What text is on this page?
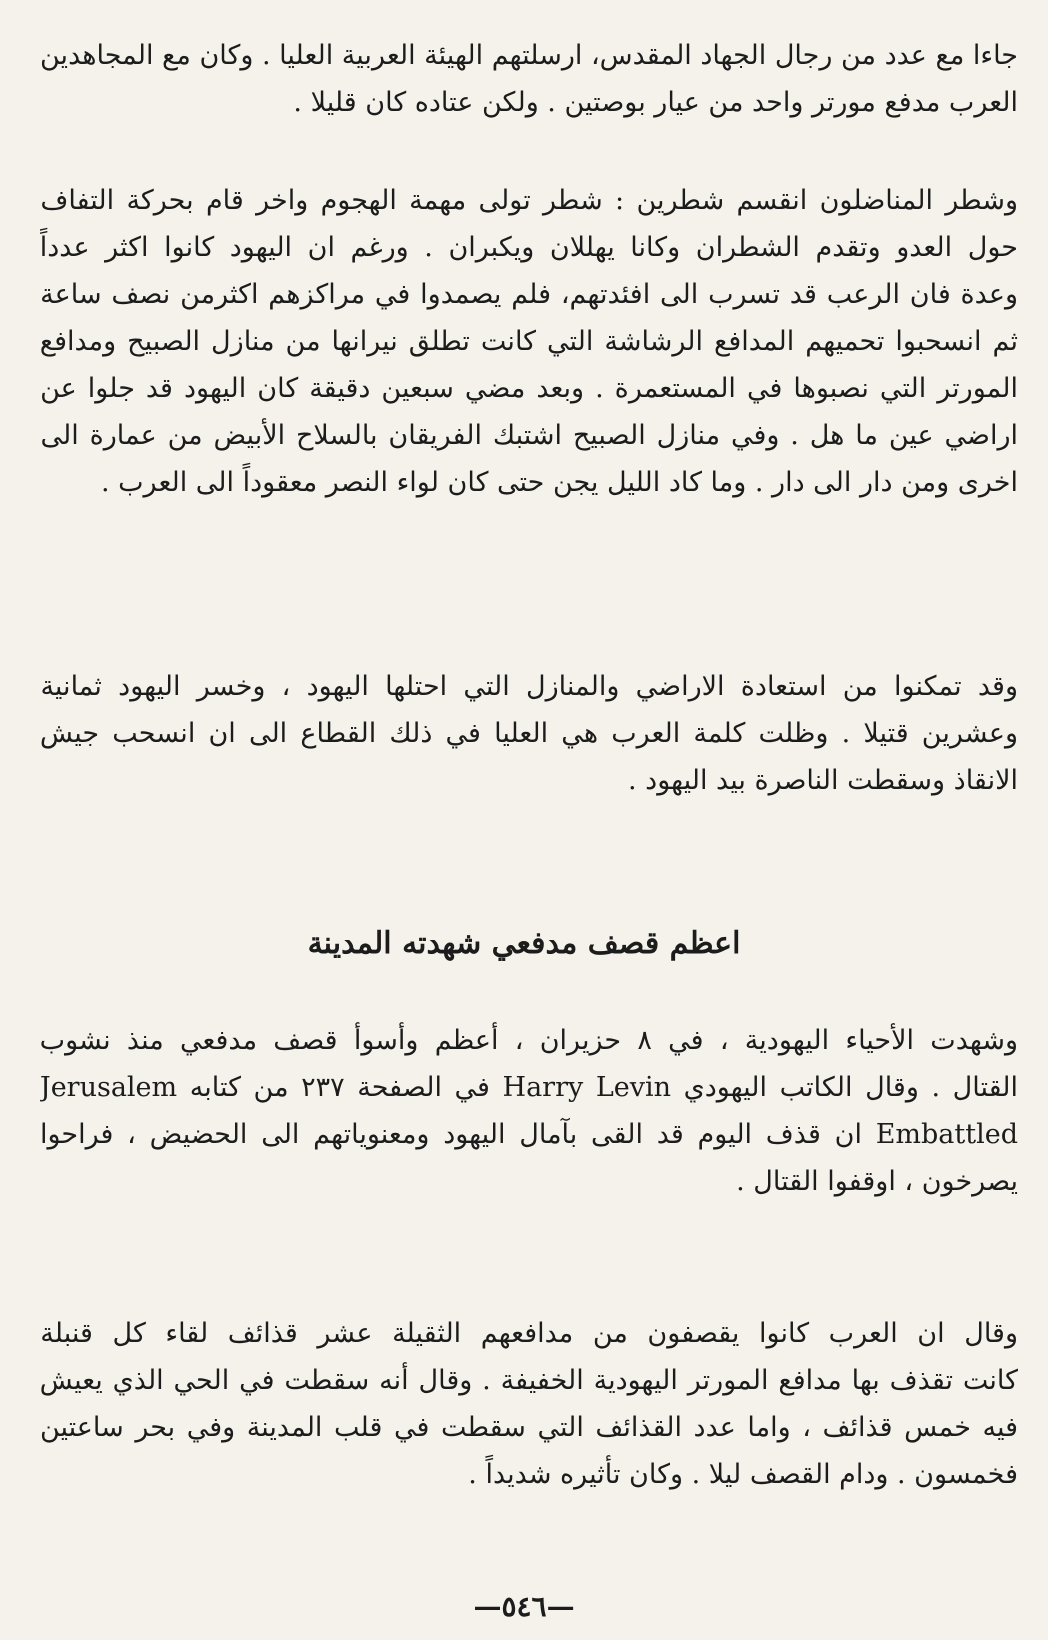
جاءا مع عدد من رجال الجهاد المقدس، ارسلتهم الهيئة العربية العليا . وكان مع المجاهدين
العرب مدفع مورتر واحد من عيار بوصتين . ولكن عتاده كان قليلا .

وشطر المناضلون انقسم شطرين : شطر تولى مهمة الهجوم واخر قام بحركة التفاف
حول العدو وتقدم الشطران وكانا يهللان ويكبران . ورغم ان اليهود كانوا اكثر عدداً
وعدة فان الرعب قد تسرب الى افئدتهم، فلم يصمدوا في مراكزهم اكثرمن نصف ساعة
ثم انسحبوا تحميهم المدافع الرشاشة التي كانت تطلق نيرانها من منازل الصبيح ومدافع
المورتر التي نصبوها في المستعمرة . وبعد مضي سبعين دقيقة كان اليهود قد جلوا عن
اراضي عين ما هل . وفي منازل الصبيح اشتبك الفريقان بالسلاح الأبيض من عمارة الى
اخرى ومن دار الى دار . وما كاد الليل يجن حتى كان لواء النصر معقوداً الى العرب .

وقد تمكنوا من استعادة الاراضي والمنازل التي احتلها اليهود ، وخسر اليهود ثمانية
وعشرين قتيلا . وظلت كلمة العرب هي العليا في ذلك القطاع الى ان انسحب جيش
الانقاذ وسقطت الناصرة بيد اليهود .

اعظم قصف مدفعي شهدته المدينة

وشهدت الأحياء اليهودية ، في ٨ حزيران ، أعظم وأسوأ قصف مدفعي منذ نشوب
القتال . وقال الكاتب اليهودي Harry Levin في الصفحة ٢٣٧ من كتابه Jerusalem
Embattled ان قذف اليوم قد القى بآمال اليهود ومعنوياتهم الى الحضيض ، فراحوا
يصرخون ، اوقفوا القتال .

وقال ان العرب كانوا يقصفون من مدافعهم الثقيلة عشر قذائف لقاء كل قنبلة
كانت تقذف بها مدافع المورتر اليهودية الخفيفة . وقال أنه سقطت في الحي الذي يعيش
فيه خمس قذائف ، واما عدد القذائف التي سقطت في قلب المدينة وفي بحر ساعتين
فخمسون . ودام القصف ليلا . وكان تأثيره شديداً .

—٥٤٦—
